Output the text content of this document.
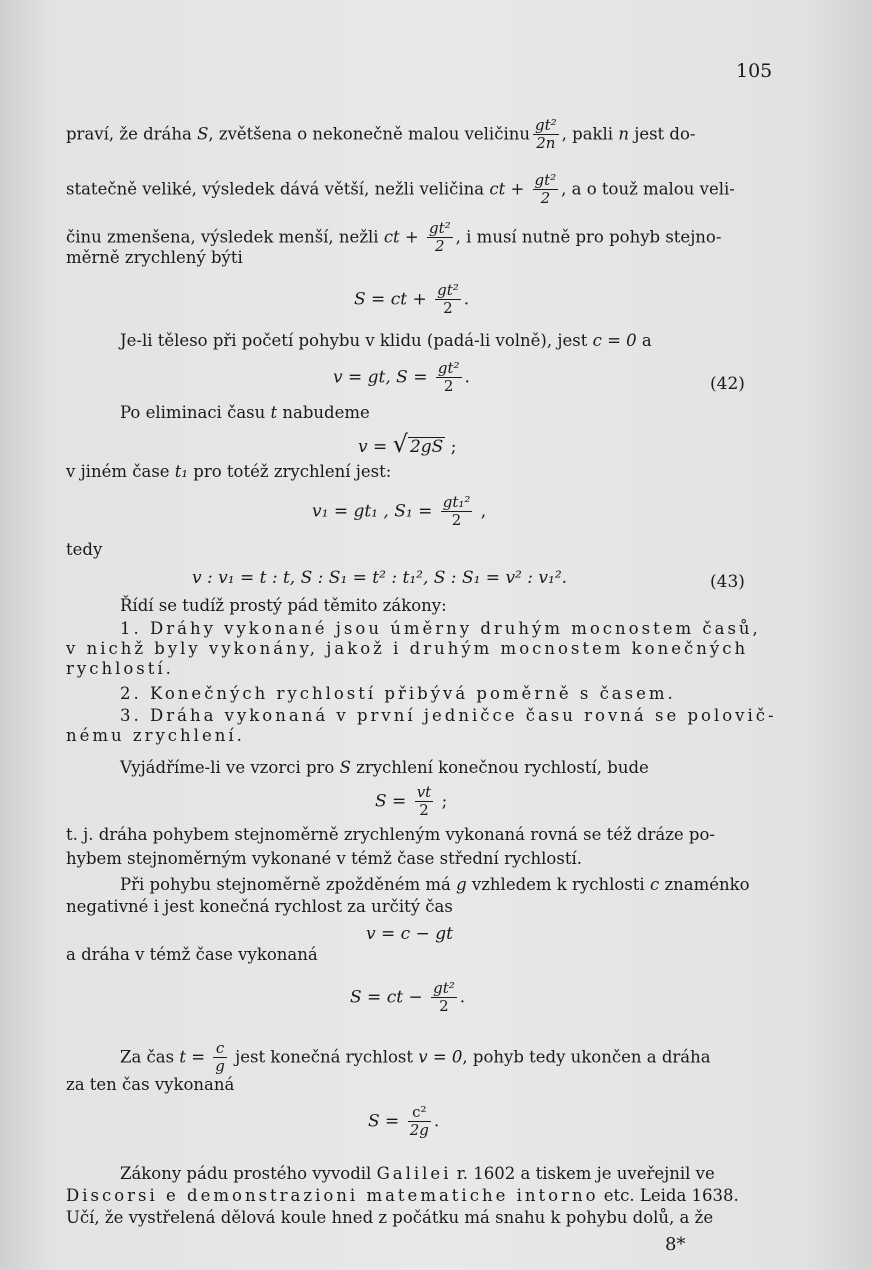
105
praví, že dráha S, zvětšena o nekonečně malou veličinu $\frac{\text{gt²}}{2n}$ , pakli n jest do-
statečně veliké, výsledek dává větší, nežli veličina ct + $\frac{\text{gt²}}{2}$ , a o touž malou veli-
činu zmenšena, výsledek menší, nežli ct + $\frac{\text{gt²}}{2}$ , i musí nutně pro pohyb stejno-
měrně zrychlený býti
S = ct + $\frac{\text{gt²}}{2}$ .
Je-li těleso při početí pohybu v klidu (padá-li volně), jest c = 0 a
v = gt, $S = \frac{\text{gt²}}{2}$ .	(42)
Po eliminaci času t nabudeme
v = √ 2gS ;
v jiném čase t₁ pro totéž zrychlení jest:
v₁ = gt₁ , $S_1 = \frac{\text{gt₁²}}{2}$ ,
tedy
v : v₁ = t : t, S : S₁ = t² : t₁², S : S₁ = v² : v₁².	(43)
Řídí se tudíž prostý pád těmito zákony:
1. Dráhy vykonané jsou úměrny druhým mocnostem časů,
v nichž byly vykonány, jakož i druhým mocnostem konečných
rychlostí.
2. Konečných rychlostí přibývá poměrně s časem.
3. Dráha vykonaná v první jedničce času rovná se polovič-
nému zrychlení.
Vyjádříme-li ve vzorci pro S zrychlení konečnou rychlostí, bude
$S = \frac{vt}{2}$ ;
t. j. dráha pohybem stejnoměrně zrychleným vykonaná rovná se též dráze po-
hybem stejnoměrným vykonané v témž čase střední rychlostí.
Při pohybu stejnoměrně zpožděném má g vzhledem k rychlosti c znaménko
negativné i jest konečná rychlost za určitý čas
v = c − gt
a dráha v témž čase vykonaná
S = ct − $\frac{\text{gt²}}{2}$ .
Za čas $t = \frac{c}{g}$ jest konečná rychlost v = 0, pohyb tedy ukončen a dráha
za ten čas vykonaná
$S = \frac{\text{c²}}{2g}$ .
Zákony pádu prostého vyvodil Galilei r. 1602 a tiskem je uveřejnil ve
Discorsi e demonstrazioni matematiche intorno etc. Leida 1638.
Učí, že vystřelená dělová koule hned z počátku má snahu k pohybu dolů, a že
8*
